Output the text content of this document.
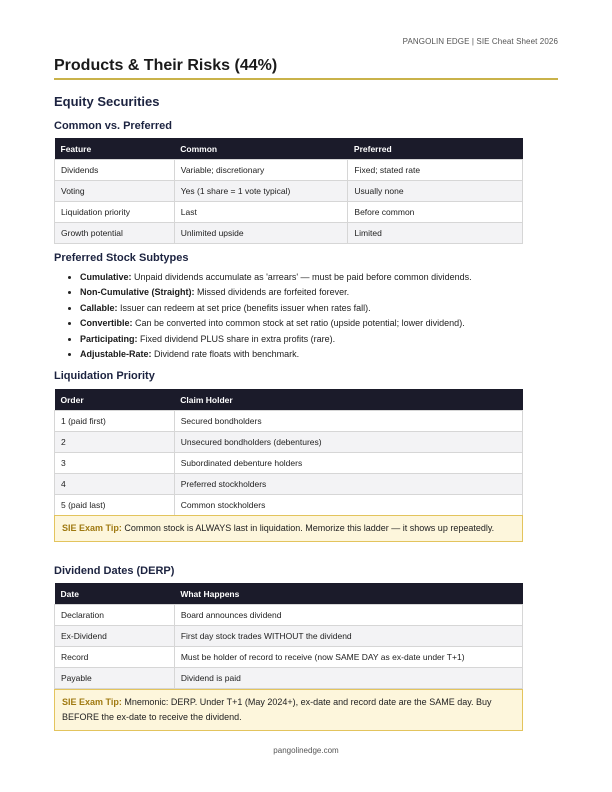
PANGOLIN EDGE | SIE Cheat Sheet 2026
Products & Their Risks (44%)
Equity Securities
Common vs. Preferred
Feature	Common	Preferred
Dividends	Variable; discretionary	Fixed; stated rate
Voting	Yes (1 share = 1 vote typical)	Usually none
Liquidation priority	Last	Before common
Growth potential	Unlimited upside	Limited
Preferred Stock Subtypes
• Cumulative: Unpaid dividends accumulate as 'arrears' — must be paid before common dividends.
• Non-Cumulative (Straight): Missed dividends are forfeited forever.
• Callable: Issuer can redeem at set price (benefits issuer when rates fall).
• Convertible: Can be converted into common stock at set ratio (upside potential; lower dividend).
• Participating: Fixed dividend PLUS share in extra profits (rare).
• Adjustable-Rate: Dividend rate floats with benchmark.
Liquidation Priority
Order	Claim Holder
1 (paid first)	Secured bondholders
2	Unsecured bondholders (debentures)
3	Subordinated debenture holders
4	Preferred stockholders
5 (paid last)	Common stockholders
SIE Exam Tip: Common stock is ALWAYS last in liquidation. Memorize this ladder — it shows up repeatedly.
Dividend Dates (DERP)
Date	What Happens
Declaration	Board announces dividend
Ex-Dividend	First day stock trades WITHOUT the dividend
Record	Must be holder of record to receive (now SAME DAY as ex-date under T+1)
Payable	Dividend is paid
SIE Exam Tip: Mnemonic: DERP. Under T+1 (May 2024+), ex-date and record date are the SAME day. Buy BEFORE the ex-date to receive the dividend.
pangolinedge.com
